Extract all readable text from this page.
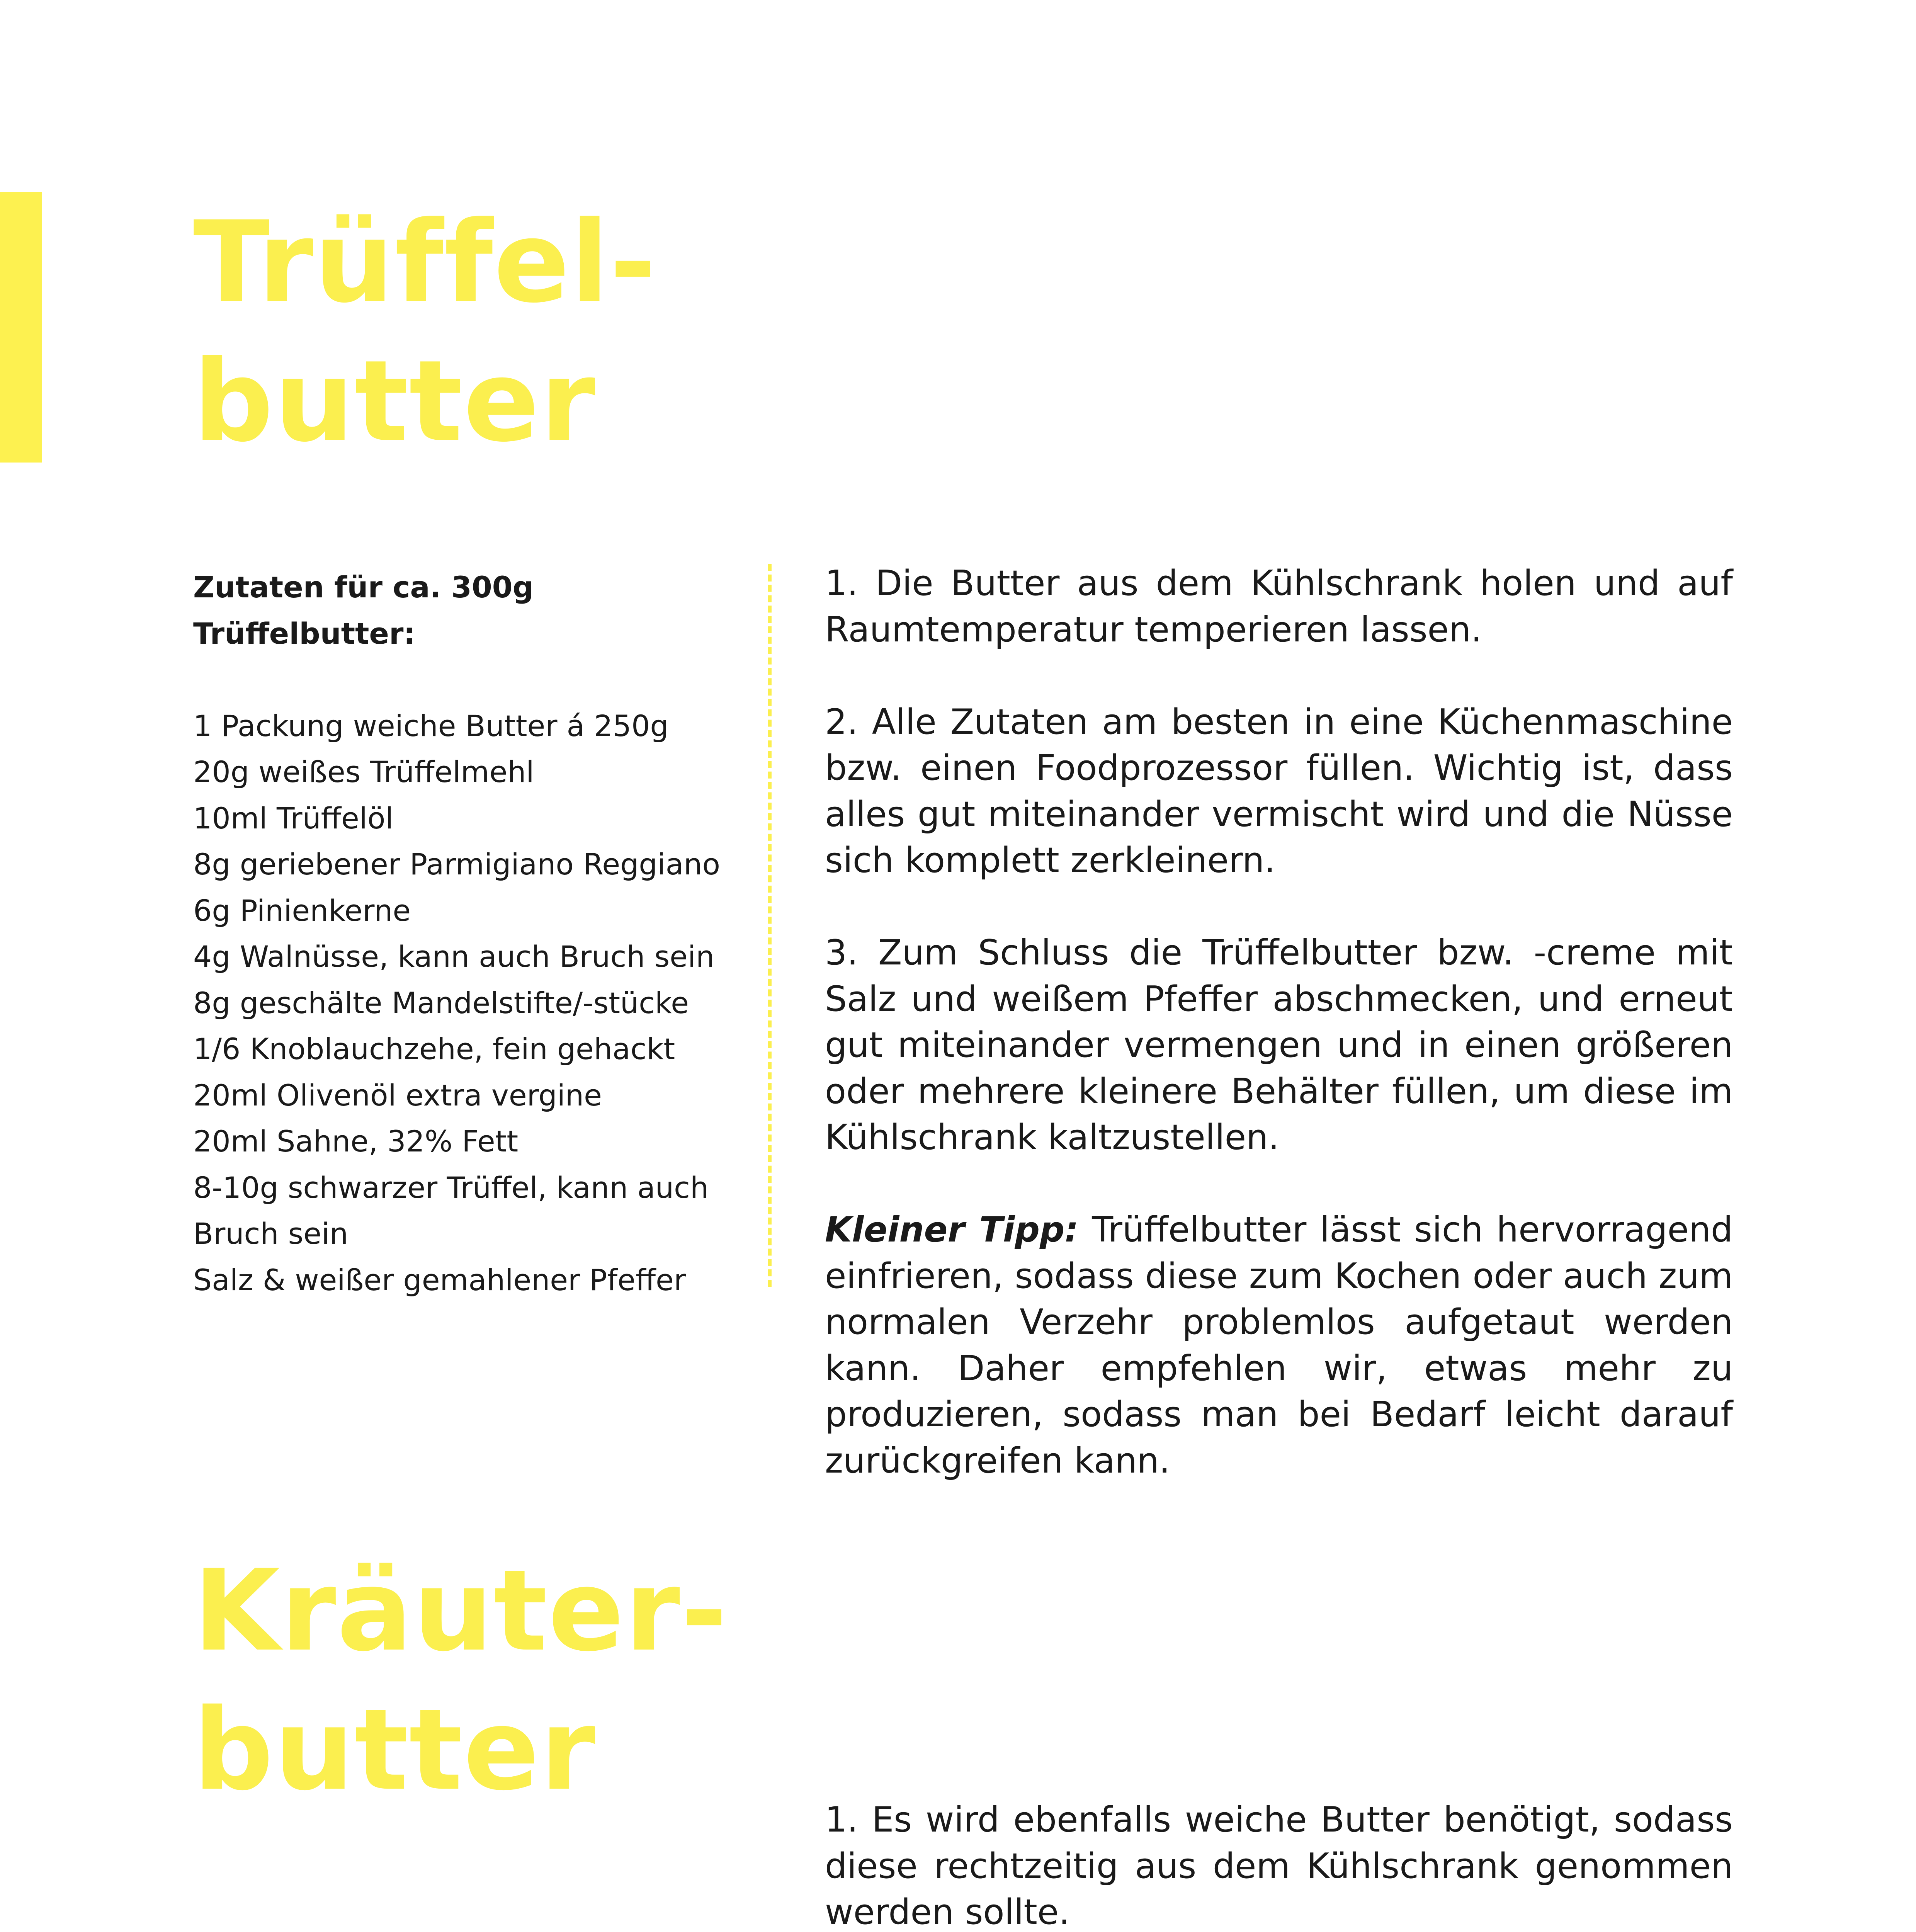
Trüffel-
butter
Zutaten für ca. 300g
Trüffelbutter:
1 Packung weiche Butter á 250g
20g weißes Trüffelmehl
10ml Trüffelöl
8g geriebener Parmigiano Reggiano
6g Pinienkerne
4g Walnüsse, kann auch Bruch sein
8g geschälte Mandelstifte/-stücke
1/6 Knoblauchzehe, fein gehackt
20ml Olivenöl extra vergine
20ml Sahne, 32% Fett
8-10g schwarzer Trüffel, kann auch Bruch sein
Salz & weißer gemahlener Pfeffer

1. Die Butter aus dem Kühlschrank holen und auf Raumtemperatur temperieren lassen.

2. Alle Zutaten am besten in eine Küchenmaschine bzw. einen Foodprozessor füllen. Wichtig ist, dass alles gut miteinander vermischt wird und die Nüsse sich komplett zerkleinern.

3. Zum Schluss die Trüffelbutter bzw. -creme mit Salz und weißem Pfeffer abschmecken, und erneut gut miteinander vermengen und in einen größeren oder mehrere kleinere Behälter füllen, um diese im Kühlschrank kaltzustellen.

Kleiner Tipp: Trüffelbutter lässt sich hervorragend einfrieren, sodass diese zum Kochen oder auch zum normalen Verzehr problemlos aufgetaut werden kann. Daher empfehlen wir, etwas mehr zu produzieren, sodass man bei Bedarf leicht darauf zurückgreifen kann.

Kräuter-
butter

1. Es wird ebenfalls weiche Butter benötigt, sodass diese rechtzeitig aus dem Kühlschrank genommen werden sollte.
